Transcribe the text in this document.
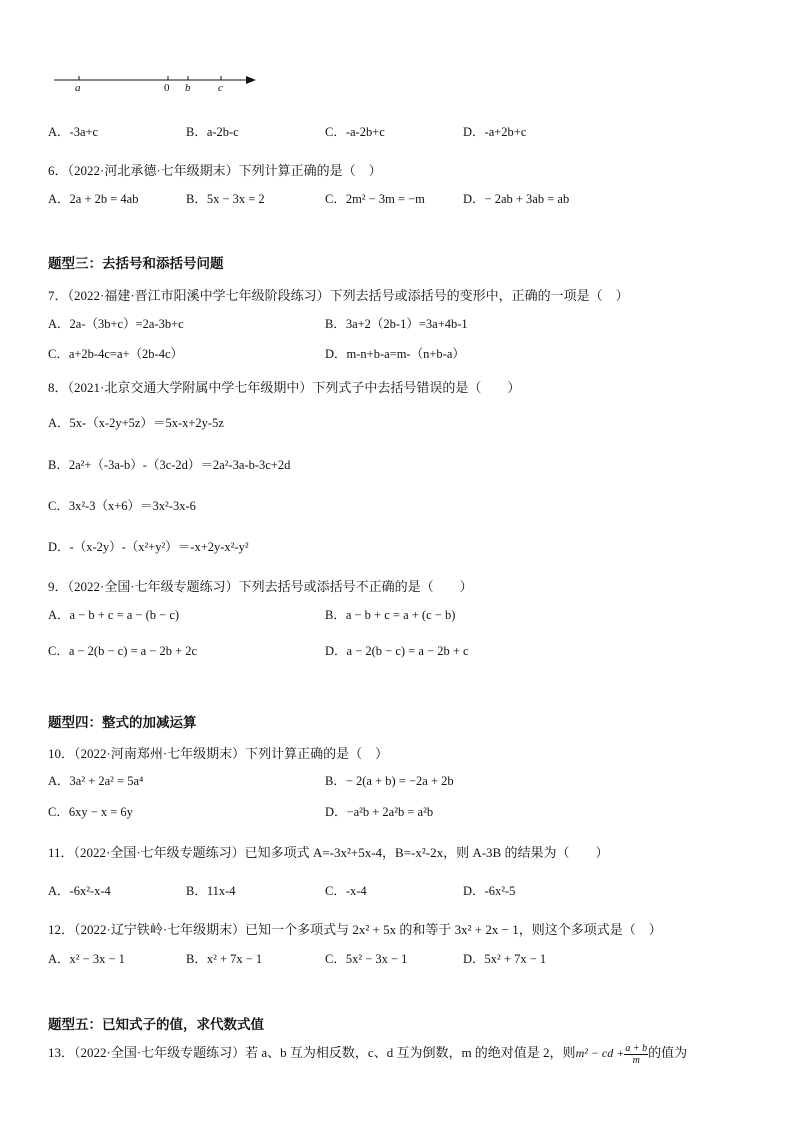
a	0 b	c
A．-3a+c	B．a-2b-c	C．-a-2b+c	D．-a+2b+c
6．（2022·河北承德·七年级期末）下列计算正确的是（　）
A．2a + 2b = 4ab	B．5x − 3x = 2	C．2m² − 3m = −m	D．− 2ab + 3ab = ab
题型三：去括号和添括号问题
7．（2022·福建·晋江市阳溪中学七年级阶段练习）下列去括号或添括号的变形中，正确的一项是（　）
A．2a-（3b+c）=2a-3b+c	B．3a+2（2b-1）=3a+4b-1
C．a+2b-4c=a+（2b-4c）	D．m-n+b-a=m-（n+b-a）
8．（2021·北京交通大学附属中学七年级期中）下列式子中去括号错误的是（　　）
A．5x-（x-2y+5z）＝5x-x+2y-5z
B．2a²+（-3a-b）-（3c-2d）＝2a²-3a-b-3c+2d
C．3x²-3（x+6）＝3x²-3x-6
D．-（x-2y）-（x²+y²）＝-x+2y-x²-y²
9．（2022·全国·七年级专题练习）下列去括号或添括号不正确的是（　　）
A．a − b + c = a − (b − c)	B．a − b + c = a + (c − b)
C．a − 2(b − c) = a − 2b + 2c	D．a − 2(b − c) = a − 2b + c
题型四：整式的加减运算
10．（2022·河南郑州·七年级期末）下列计算正确的是（　）
A．3a² + 2a² = 5a⁴	B．− 2(a + b) = −2a + 2b
C．6xy − x = 6y	D．−a²b + 2a²b = a²b
11．（2022·全国·七年级专题练习）已知多项式 A=-3x²+5x-4，B=-x²-2x，则 A-3B 的结果为（　　）
A．-6x²-x-4	B．11x-4	C．-x-4	D．-6x²-5
12．（2022·辽宁铁岭·七年级期末）已知一个多项式与 2x² + 5x 的和等于 3x² + 2x − 1，则这个多项式是（　）
A．x² − 3x − 1	B．x² + 7x − 1	C．5x² − 3x − 1	D．5x² + 7x − 1
题型五：已知式子的值，求代数式值
13．（2022·全国·七年级专题练习）若 a、b 互为相反数，c、d 互为倒数，m 的绝对值是 2，则m² − cd + $\frac{a + b}{m}$ 的值为
